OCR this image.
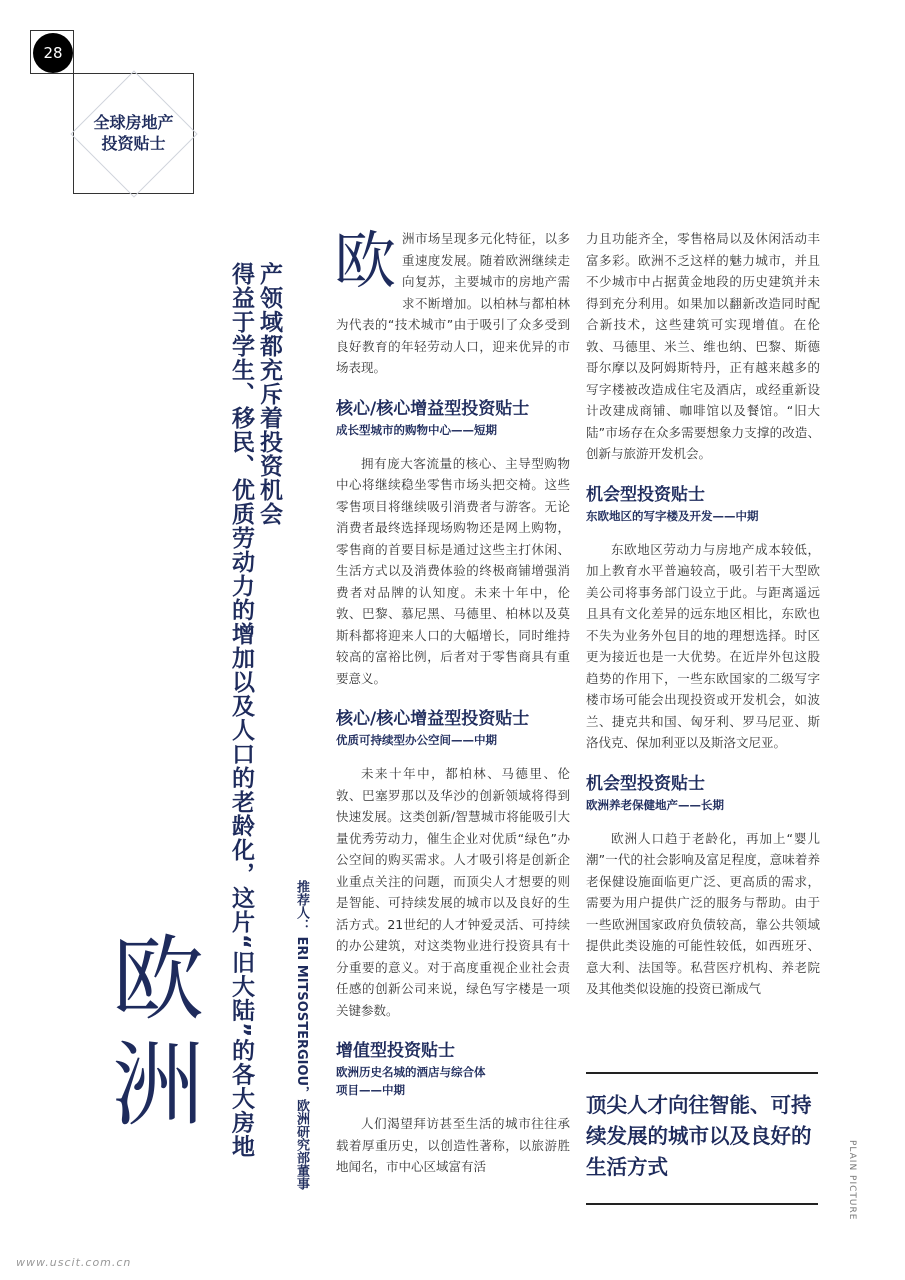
28
全球房地产
投资贴士
得益于学生、移民、优质劳动力的增加以及人口的老龄化，这片“旧大陆”的各大房地 产领域都充斥着投资机会
欧洲	推荐人： ERI MITSOSTERGIOU，欧洲研究部董事

欧洲市场呈现多元化特征，以多重速度发展。随着欧洲继续走向复苏，主要城市的房地产需求不断增加。以柏林与都柏林为代表的“技术城市”由于吸引了众多受到良好教育的年轻劳动人口，迎来优异的市场表现。

核心/核心增益型投资贴士
成长型城市的购物中心——短期

拥有庞大客流量的核心、主导型购物中心将继续稳坐零售市场头把交椅。这些零售项目将继续吸引消费者与游客。无论消费者最终选择现场购物还是网上购物，零售商的首要目标是通过这些主打休闲、生活方式以及消费体验的终极商铺增强消费者对品牌的认知度。未来十年中，伦敦、巴黎、慕尼黑、马德里、柏林以及莫斯科都将迎来人口的大幅增长，同时维持较高的富裕比例，后者对于零售商具有重要意义。

核心/核心增益型投资贴士
优质可持续型办公空间——中期

未来十年中，都柏林、马德里、伦敦、巴塞罗那以及华沙的创新领域将得到快速发展。这类创新/智慧城市将能吸引大量优秀劳动力，催生企业对优质“绿色”办公空间的购买需求。人才吸引将是创新企业重点关注的问题，而顶尖人才想要的则是智能、可持续发展的城市以及良好的生活方式。21世纪的人才钟爱灵活、可持续的办公建筑，对这类物业进行投资具有十分重要的意义。对于高度重视企业社会责任感的创新公司来说，绿色写字楼是一项关键参数。

增值型投资贴士
欧洲历史名城的酒店与综合体
项目——中期

人们渴望拜访甚至生活的城市往往承载着厚重历史，以创造性著称，以旅游胜地闻名，市中心区域富有活

力且功能齐全，零售格局以及休闲活动丰富多彩。欧洲不乏这样的魅力城市，并且不少城市中占据黄金地段的历史建筑并未得到充分利用。如果加以翻新改造同时配合新技术，这些建筑可实现增值。在伦敦、马德里、米兰、维也纳、巴黎、斯德哥尔摩以及阿姆斯特丹，正有越来越多的写字楼被改造成住宅及酒店，或经重新设计改建成商铺、咖啡馆以及餐馆。“旧大陆”市场存在众多需要想象力支撑的改造、创新与旅游开发机会。

机会型投资贴士
东欧地区的写字楼及开发——中期

东欧地区劳动力与房地产成本较低，加上教育水平普遍较高，吸引若干大型欧美公司将事务部门设立于此。与距离遥远且具有文化差异的远东地区相比，东欧也不失为业务外包目的地的理想选择。时区更为接近也是一大优势。在近岸外包这股趋势的作用下，一些东欧国家的二级写字楼市场可能会出现投资或开发机会，如波兰、捷克共和国、匈牙利、罗马尼亚、斯洛伐克、保加利亚以及斯洛文尼亚。

机会型投资贴士
欧洲养老保健地产——长期

欧洲人口趋于老龄化，再加上“婴儿潮”一代的社会影响及富足程度，意味着养老保健设施面临更广泛、更高质的需求，需要为用户提供广泛的服务与帮助。由于一些欧洲国家政府负债较高，靠公共领域提供此类设施的可能性较低，如西班牙、意大利、法国等。私营医疗机构、养老院及其他类似设施的投资已渐成气

顶尖人才向往智能、可持续发展的城市以及良好的生活方式	PLAIN PICTURE
www.uscit.com.cn
